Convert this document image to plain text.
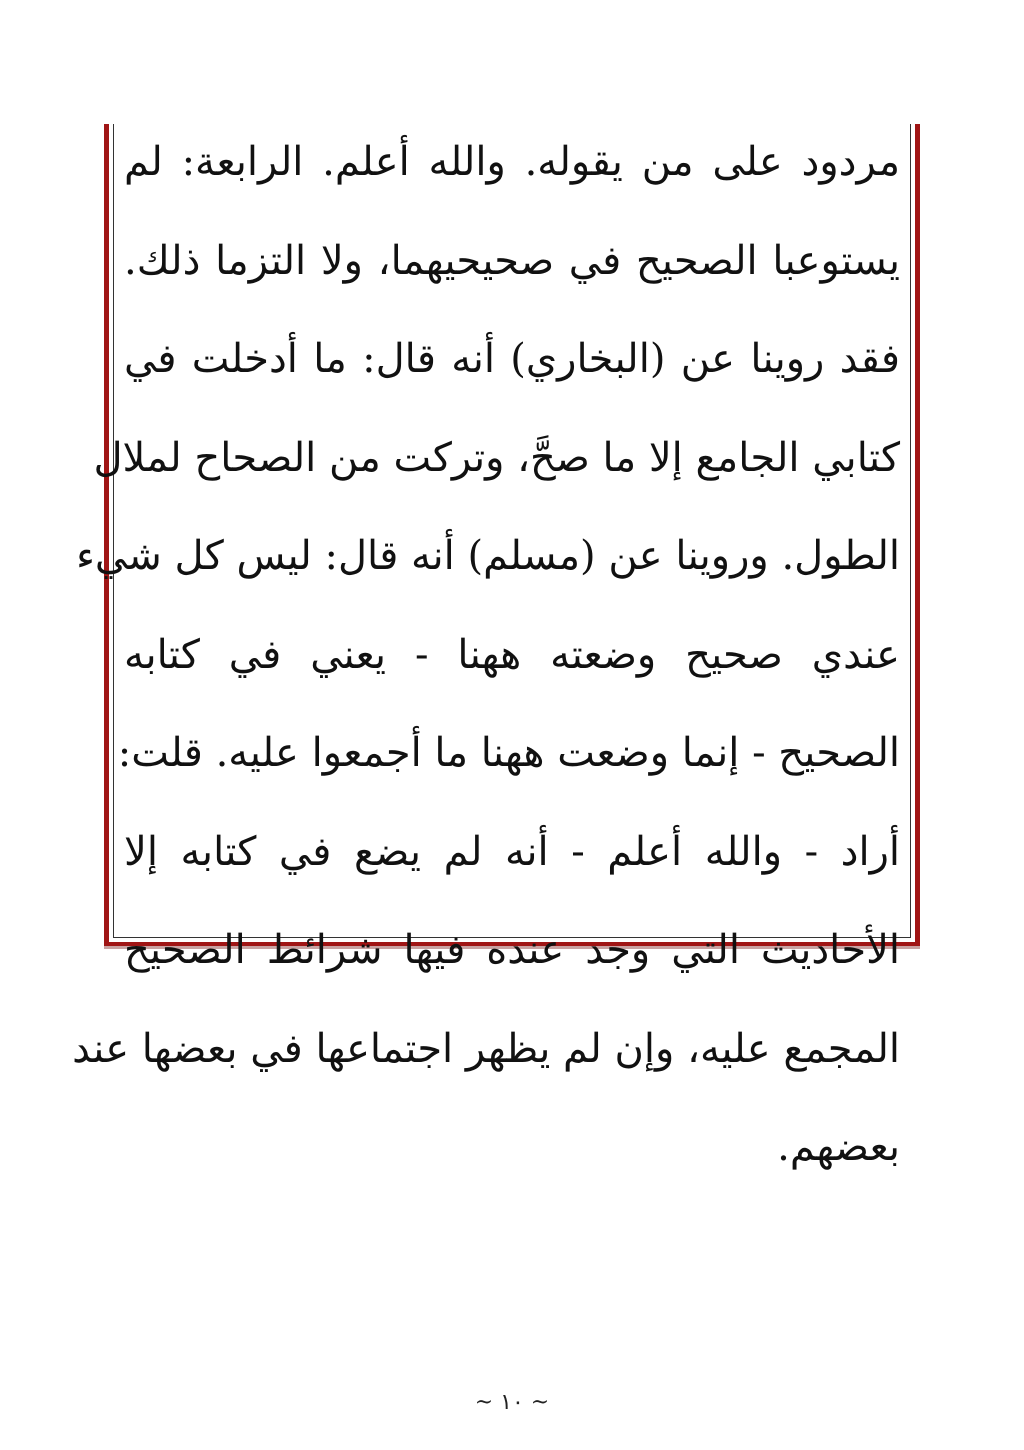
مردود على من يقوله. والله أعلم. الرابعة: لم
يستوعبا الصحيح في صحيحيهما، ولا التزما ذلك.
فقد روينا عن (البخاري) أنه قال: ما أدخلت في
كتابي الجامع إلا ما صحَّ، وتركت من الصحاح لملال
الطول. وروينا عن (مسلم) أنه قال: ليس كل شيء
عندي صحيح وضعته ههنا - يعني في كتابه
الصحيح - إنما وضعت ههنا ما أجمعوا عليه. قلت:
أراد - والله أعلم - أنه لم يضع في كتابه إلا
الأحاديث التي وجد عنده فيها شرائط الصحيح
المجمع عليه، وإن لم يظهر اجتماعها في بعضها عند
بعضهم.
~ ١٠ ~
